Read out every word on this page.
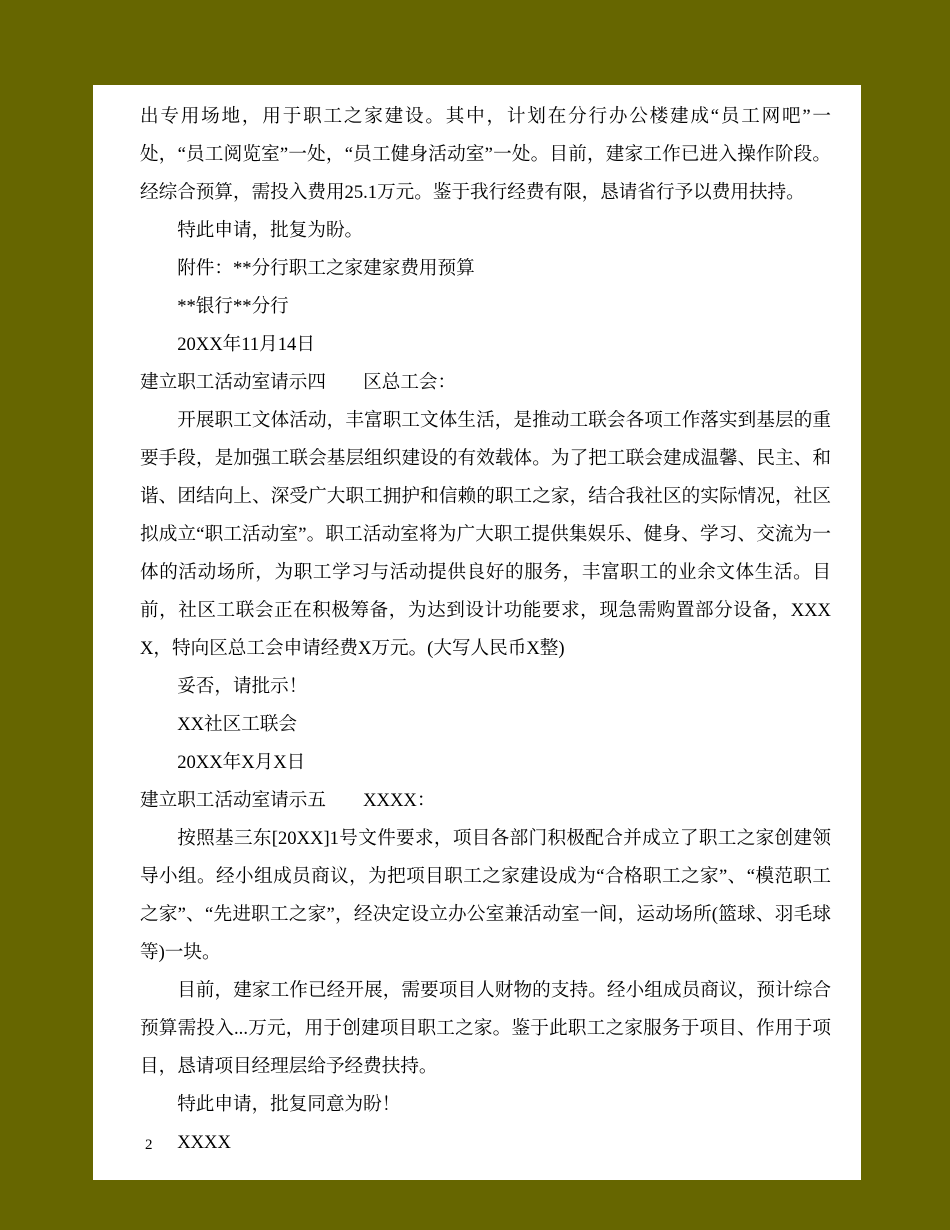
出专用场地，用于职工之家建设。其中，计划在分行办公楼建成“员工网吧”一处，“员工阅览室”一处，“员工健身活动室”一处。目前，建家工作已进入操作阶段。经综合预算，需投入费用25.1万元。鉴于我行经费有限，恳请省行予以费用扶持。

特此申请，批复为盼。

附件：**分行职工之家建家费用预算

**银行**分行

20XX年11月14日

建立职工活动室请示四　　区总工会：

开展职工文体活动，丰富职工文体生活，是推动工联会各项工作落实到基层的重要手段，是加强工联会基层组织建设的有效载体。为了把工联会建成温馨、民主、和谐、团结向上、深受广大职工拥护和信赖的职工之家，结合我社区的实际情况，社区拟成立“职工活动室”。职工活动室将为广大职工提供集娱乐、健身、学习、交流为一体的活动场所，为职工学习与活动提供良好的服务，丰富职工的业余文体生活。目前，社区工联会正在积极筹备，为达到设计功能要求，现急需购置部分设备，XXXX，特向区总工会申请经费X万元。(大写人民币X整)

妥否，请批示！

XX社区工联会

20XX年X月X日

建立职工活动室请示五　　XXXX：

按照基三东[20XX]1号文件要求，项目各部门积极配合并成立了职工之家创建领导小组。经小组成员商议，为把项目职工之家建设成为“合格职工之家”、“模范职工之家”、“先进职工之家”，经决定设立办公室兼活动室一间，运动场所(篮球、羽毛球等)一块。

目前，建家工作已经开展，需要项目人财物的支持。经小组成员商议，预计综合预算需投入...万元，用于创建项目职工之家。鉴于此职工之家服务于项目、作用于项目，恳请项目经理层给予经费扶持。

特此申请，批复同意为盼！

XXXX

2
